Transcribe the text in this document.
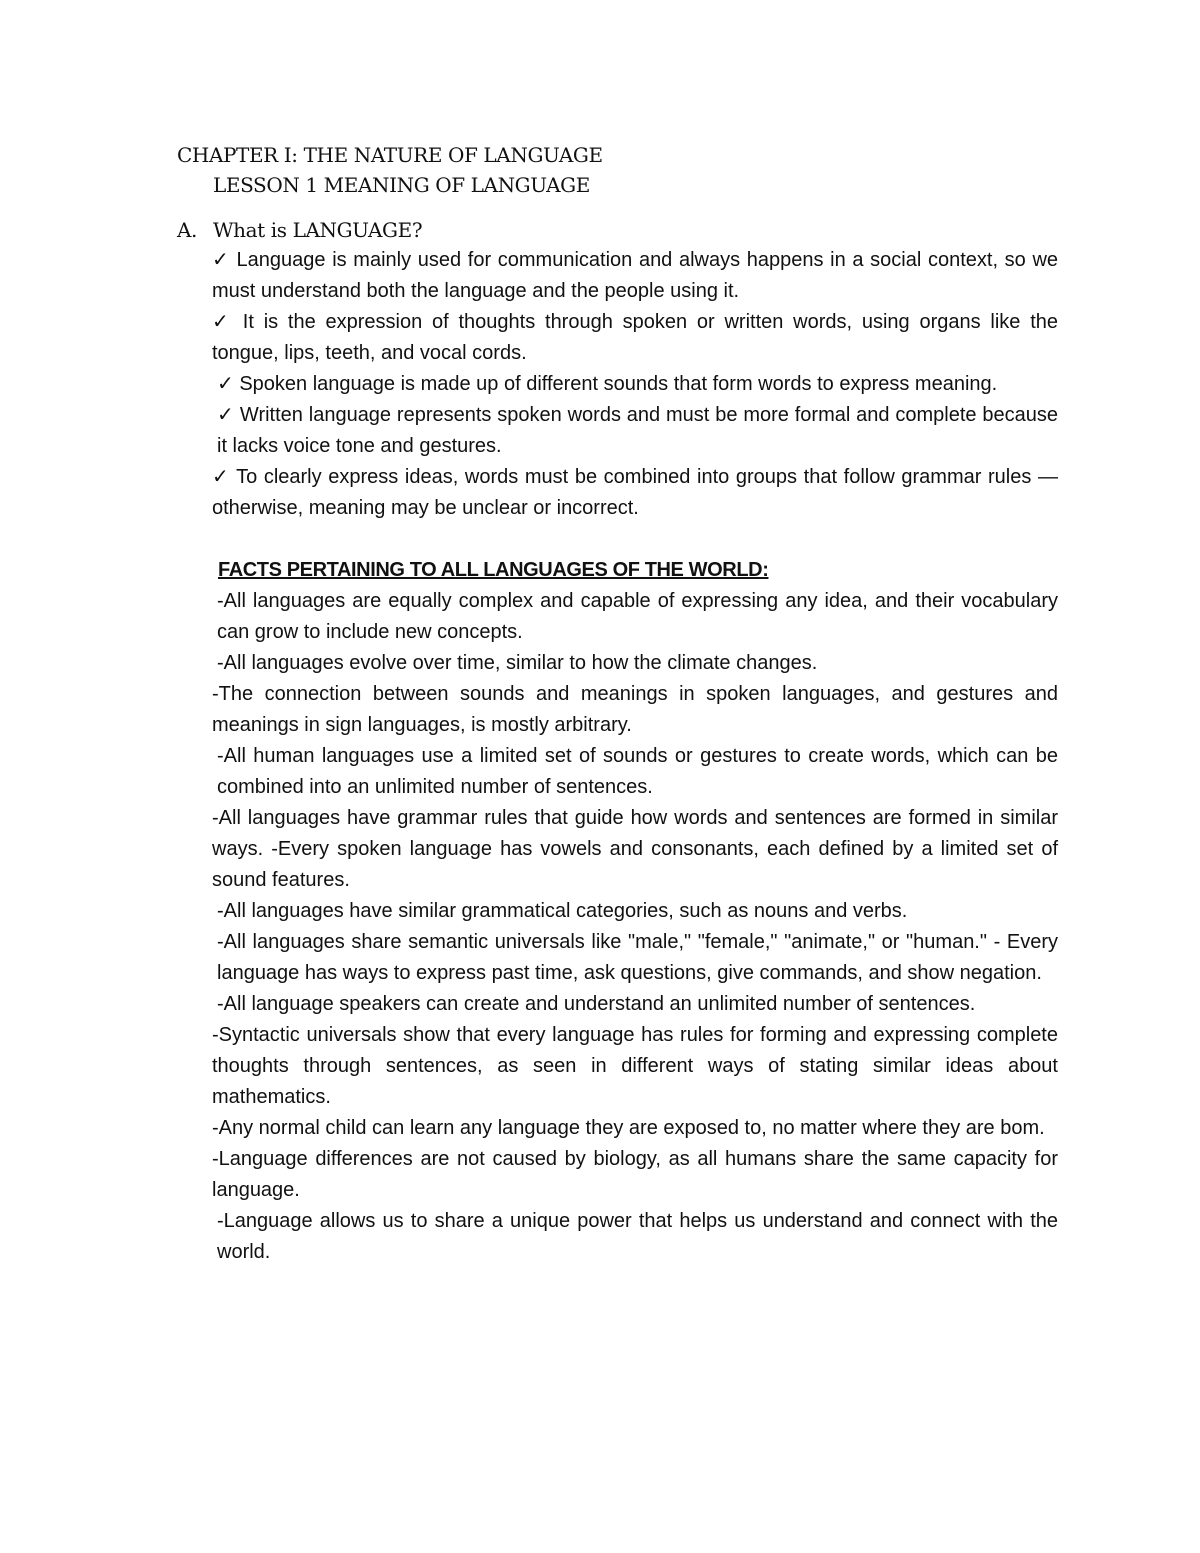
CHAPTER I: THE NATURE OF LANGUAGE
LESSON 1 MEANING OF LANGUAGE
A. What is LANGUAGE?

✓ Language is mainly used for communication and always happens in a social context, so we must understand both the language and the people using it.

✓ It is the expression of thoughts through spoken or written words, using organs like the tongue, lips, teeth, and vocal cords.

✓ Spoken language is made up of different sounds that form words to express meaning.

✓ Written language represents spoken words and must be more formal and complete because it lacks voice tone and gestures.

✓ To clearly express ideas, words must be combined into groups that follow grammar rules — otherwise, meaning may be unclear or incorrect.

FACTS PERTAINING TO ALL LANGUAGES OF THE WORLD:

-All languages are equally complex and capable of expressing any idea, and their vocabulary can grow to include new concepts.

-All languages evolve over time, similar to how the climate changes.

-The connection between sounds and meanings in spoken languages, and gestures and meanings in sign languages, is mostly arbitrary.

-All human languages use a limited set of sounds or gestures to create words, which can be combined into an unlimited number of sentences.

-All languages have grammar rules that guide how words and sentences are formed in similar ways. -Every spoken language has vowels and consonants, each defined by a limited set of sound features.

-All languages have similar grammatical categories, such as nouns and verbs.

-All languages share semantic universals like "male," "female," "animate," or "human." - Every language has ways to express past time, ask questions, give commands, and show negation.

-All language speakers can create and understand an unlimited number of sentences.

-Syntactic universals show that every language has rules for forming and expressing complete thoughts through sentences, as seen in different ways of stating similar ideas about mathematics.

-Any normal child can learn any language they are exposed to, no matter where they are bom.

-Language differences are not caused by biology, as all humans share the same capacity for language.

-Language allows us to share a unique power that helps us understand and connect with the world.
